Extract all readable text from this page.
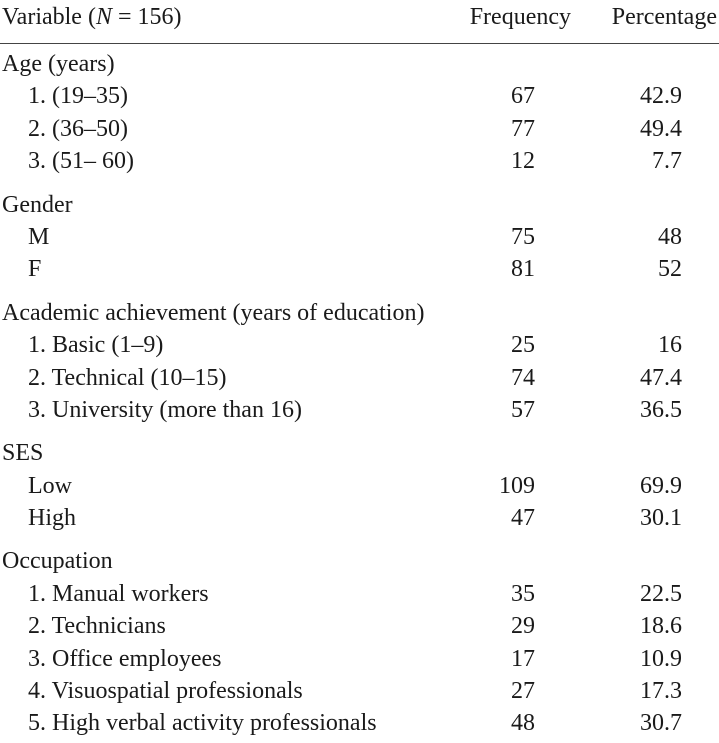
Variable (N = 156)	Frequency Percentage
Age (years)
1. (19–35)	67	42.9
2. (36–50)	77	49.4
3. (51– 60)	12	7.7
Gender
M	75	48
F	81	52
Academic achievement (years of education)
1. Basic (1–9)	25	16
2. Technical (10–15)	74	47.4
3. University (more than 16)	57	36.5
SES
Low	109	69.9
High	47	30.1
Occupation
1. Manual workers	35	22.5
2. Technicians	29	18.6
3. Office employees	17	10.9
4. Visuospatial professionals	27	17.3
5. High verbal activity professionals	48	30.7
